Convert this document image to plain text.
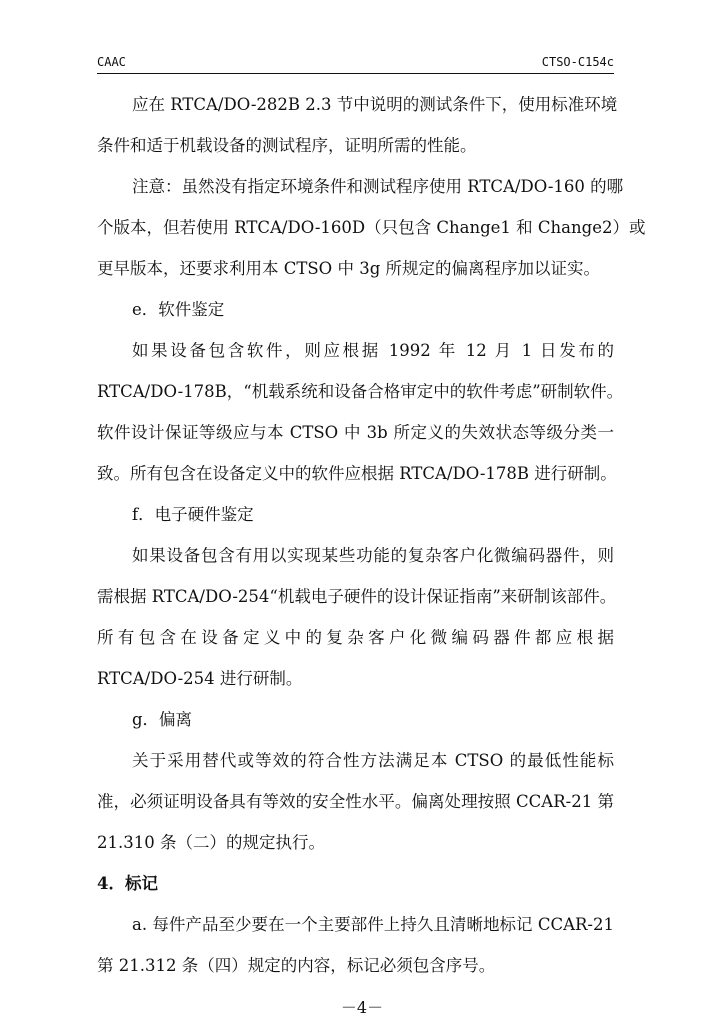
CAAC	CTSO-C154c
应在 RTCA/DO-282B 2.3 节中说明的测试条件下，使用标准环境
条件和适于机载设备的测试程序，证明所需的性能。
注意：虽然没有指定环境条件和测试程序使用 RTCA/DO-160 的哪
个版本，但若使用 RTCA/DO-160D（只包含 Change1 和 Change2）或
更早版本，还要求利用本 CTSO 中 3g 所规定的偏离程序加以证实。
e．软件鉴定
如果设备包含软件，则应根据 1992 年 12 月 1 日发布的
RTCA/DO-178B，“机载系统和设备合格审定中的软件考虑”研制软件。
软件设计保证等级应与本 CTSO 中 3b 所定义的失效状态等级分类一
致。所有包含在设备定义中的软件应根据 RTCA/DO-178B 进行研制。
f．电子硬件鉴定
如果设备包含有用以实现某些功能的复杂客户化微编码器件，则
需根据 RTCA/DO-254“机载电子硬件的设计保证指南”来研制该部件。
所有包含在设备定义中的复杂客户化微编码器件都应根据
RTCA/DO-254 进行研制。
g．偏离
关于采用替代或等效的符合性方法满足本 CTSO 的最低性能标
准，必须证明设备具有等效的安全性水平。偏离处理按照 CCAR-21 第
21.310 条（二）的规定执行。
4．标记
a. 每件产品至少要在一个主要部件上持久且清晰地标记 CCAR-21
第 21.312 条（四）规定的内容，标记必须包含序号。
－4－
